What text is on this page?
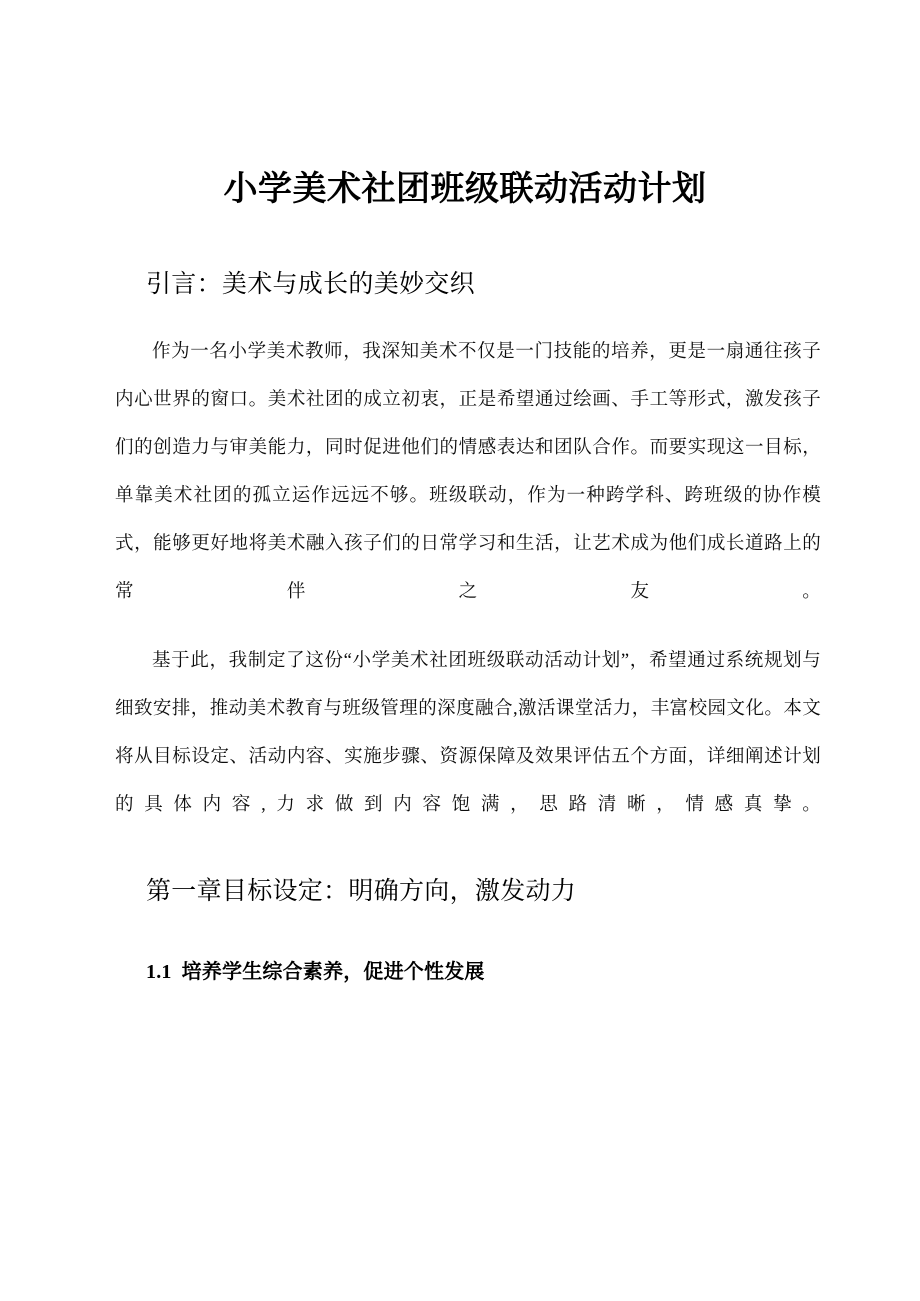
小学美术社团班级联动活动计划
引言：美术与成长的美妙交织

作为一名小学美术教师，我深知美术不仅是一门技能的培养，更是一扇通往孩子内心世界的窗口。美术社团的成立初衷，正是希望通过绘画、手工等形式，激发孩子们的创造力与审美能力，同时促进他们的情感表达和团队合作。而要实现这一目标，单靠美术社团的孤立运作远远不够。班级联动，作为一种跨学科、跨班级的协作模式，能够更好地将美术融入孩子们的日常学习和生活，让艺术成为他们成长道路上的常伴之友。

基于此，我制定了这份“小学美术社团班级联动活动计划”，希望通过系统规划与细致安排，推动美术教育与班级管理的深度融合,激活课堂活力，丰富校园文化。本文将从目标设定、活动内容、实施步骤、资源保障及效果评估五个方面，详细阐述计划的具体内容,力求做到内容饱满，思路清晰，情感真挚。

第一章目标设定：明确方向，激发动力
1.1 培养学生综合素养，促进个性发展
